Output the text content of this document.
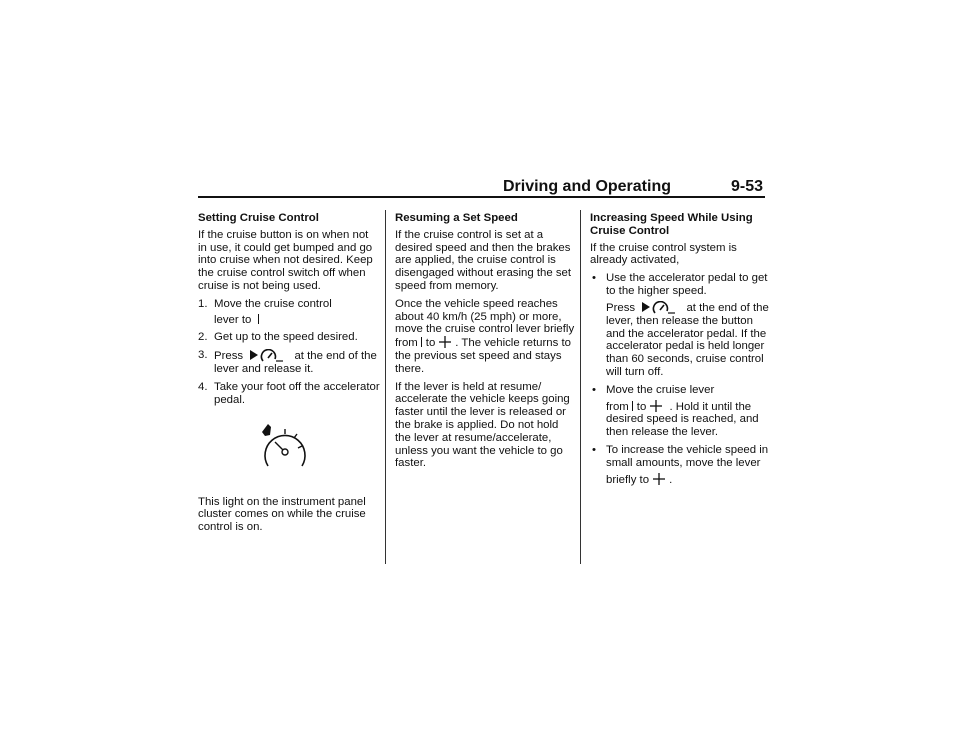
Driving and Operating	9-53
Setting Cruise Control

If the cruise button is on when not in use, it could get bumped and go into cruise when not desired. Keep the cruise control switch off when cruise is not being used.

1. Move the cruise control
lever to
2. Get up to the speed desired.
3. Press	at the end of the lever and release it.
4. Take your foot off the accelerator pedal.

This light on the instrument panel cluster comes on while the cruise control is on.

Resuming a Set Speed

If the cruise control is set at a desired speed and then the brakes are applied, the cruise control is disengaged without erasing the set speed from memory.

Once the vehicle speed reaches about 40 km/h (25 mph) or more, move the cruise control lever briefly from to . The vehicle returns to the previous set speed and stays there.

If the lever is held at resume/ accelerate the vehicle keeps going faster until the lever is released or the brake is applied. Do not hold the lever at resume/accelerate, unless you want the vehicle to go faster.

Increasing Speed While Using Cruise Control

If the cruise control system is already activated,

• Use the accelerator pedal to get to the higher speed.
Press	at the end of the lever, then release the button and the accelerator pedal. If the accelerator pedal is held longer than 60 seconds, cruise control will turn off.
• Move the cruise lever
from to . Hold it until the desired speed is reached, and then release the lever.
• To increase the vehicle speed in small amounts, move the lever briefly to .
